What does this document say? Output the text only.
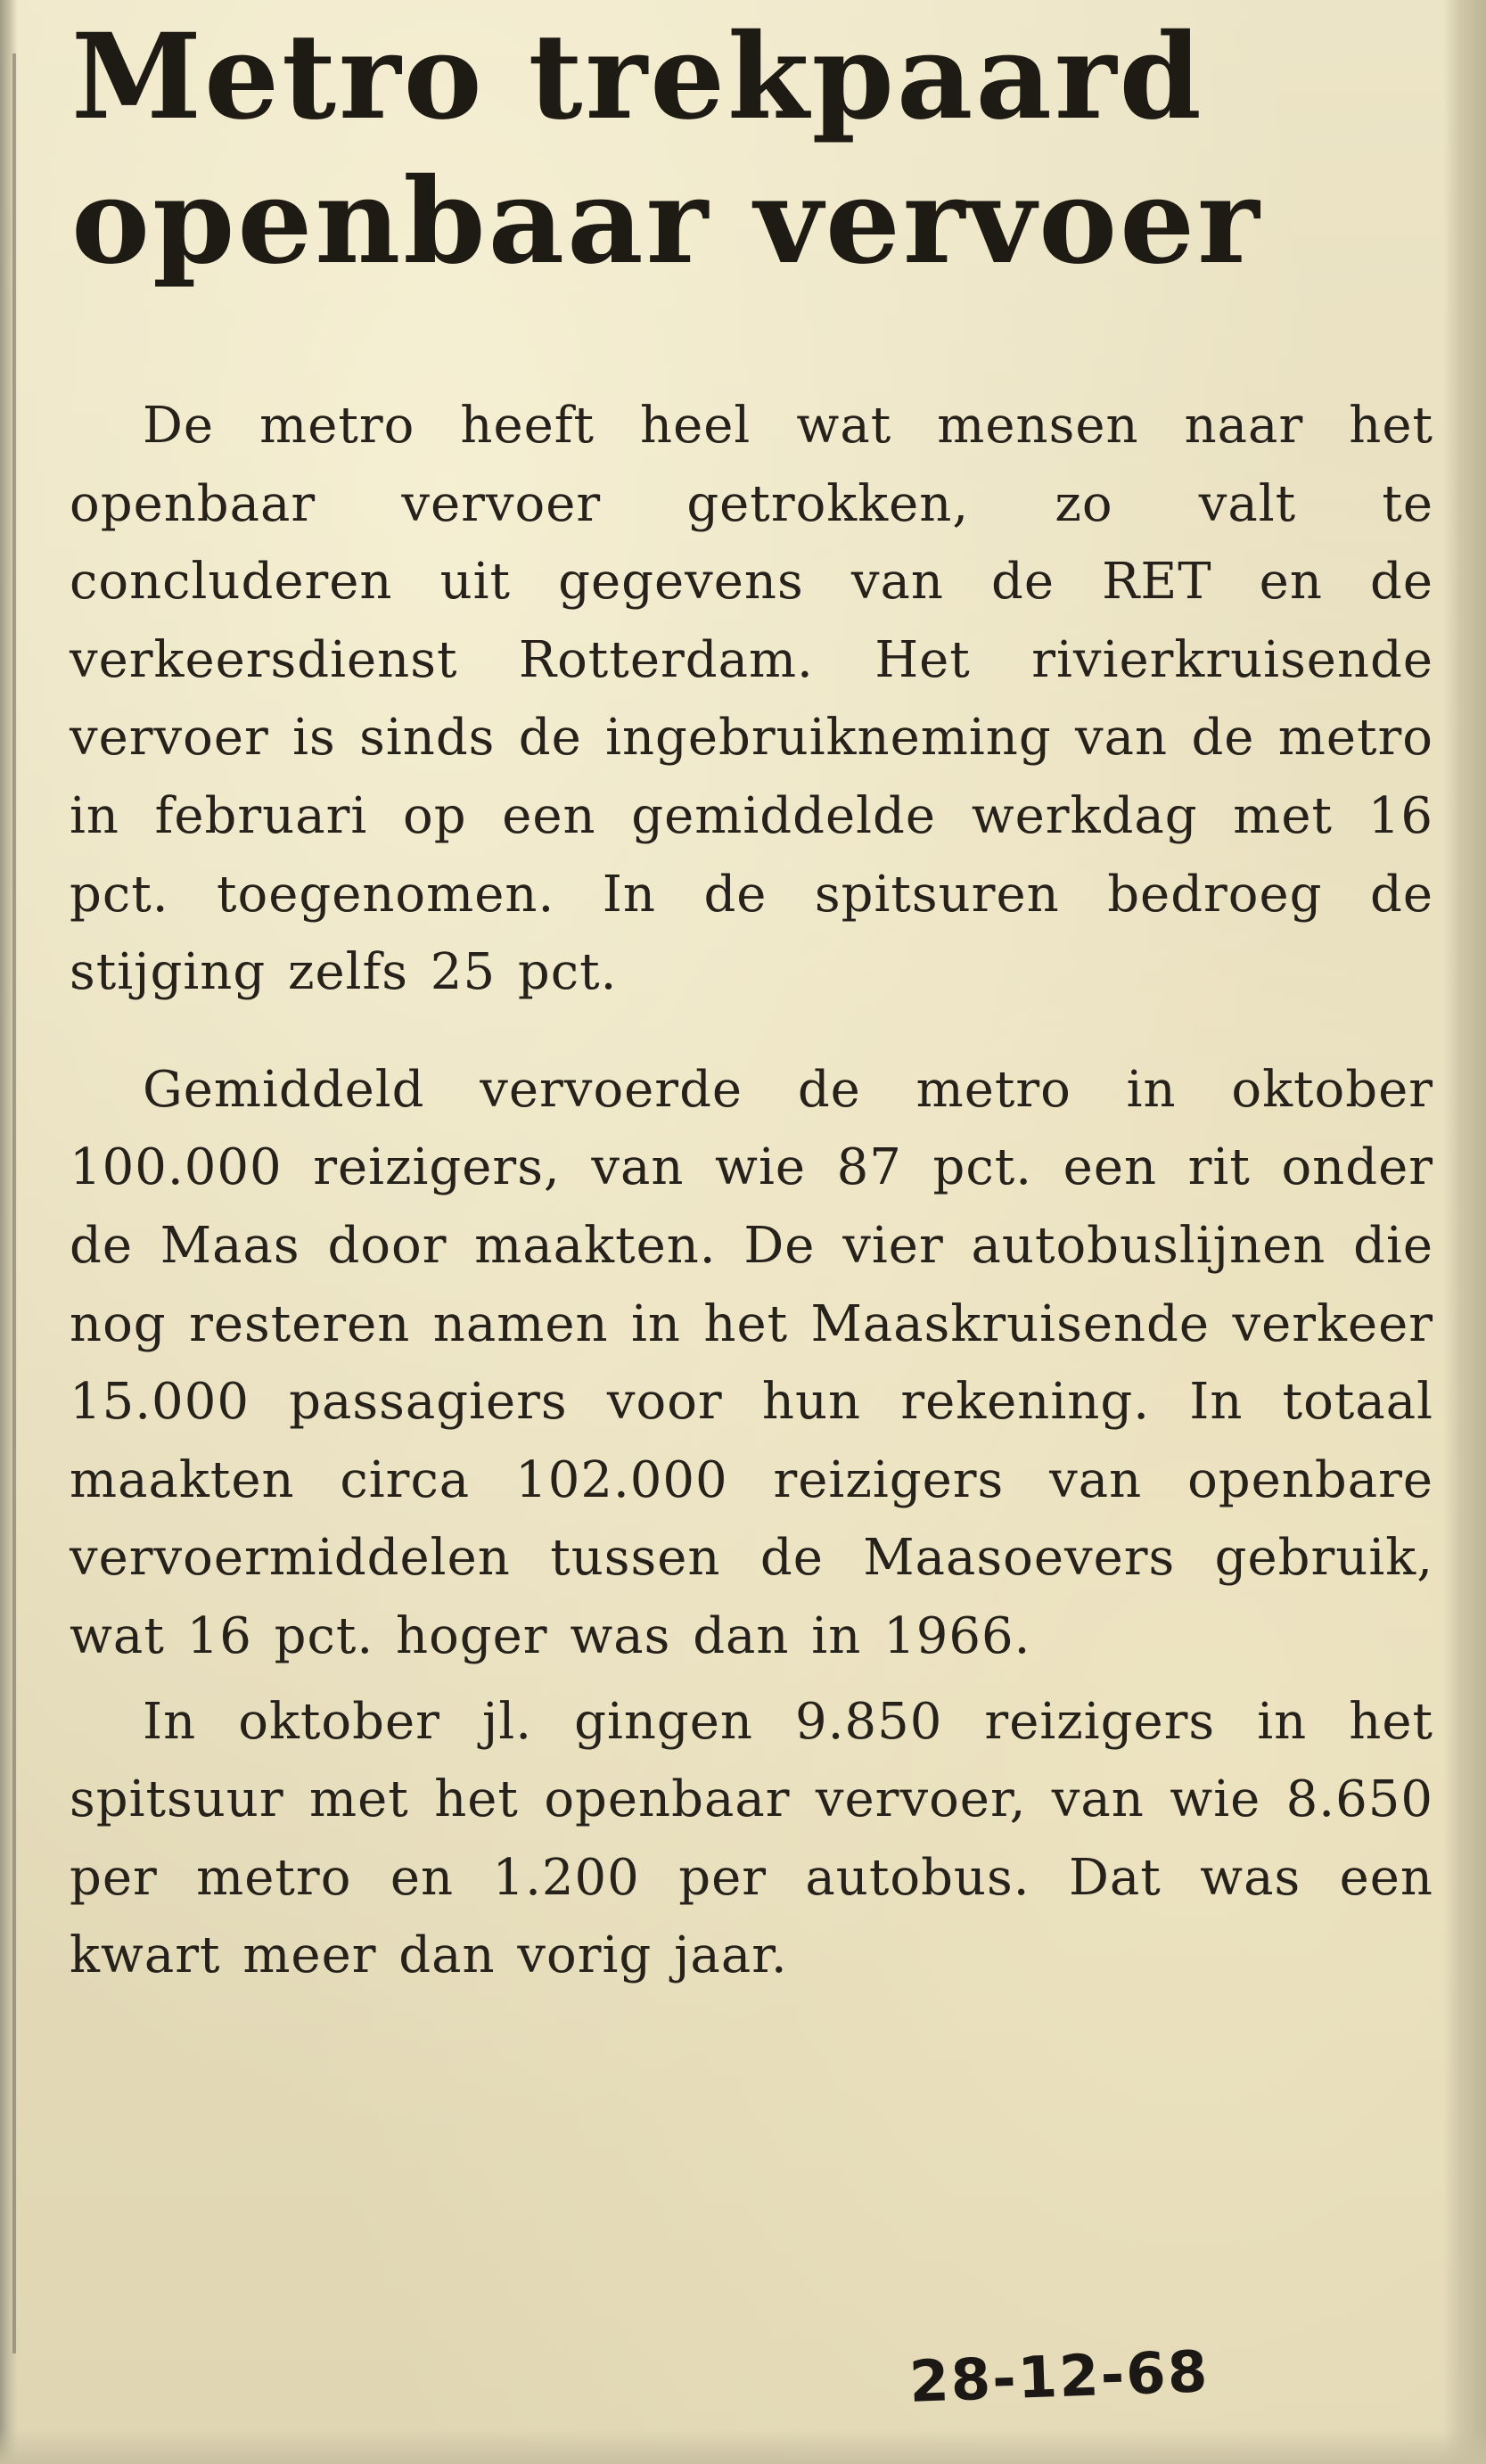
Metro trekpaard
openbaar vervoer

De metro heeft heel wat mensen naar het openbaar vervoer getrokken, zo valt te concluderen uit gegevens van de RET en de verkeersdienst Rotterdam. Het rivierkruisende vervoer is sinds de ingebruikneming van de metro in februari op een gemiddelde werkdag met 16 pct. toegenomen. In de spitsuren bedroeg de stijging zelfs 25 pct.

Gemiddeld vervoerde de metro in oktober 100.000 reizigers, van wie 87 pct. een rit onder de Maas door maakten. De vier autobuslijnen die nog resteren namen in het Maaskruisende verkeer 15.000 passagiers voor hun rekening. In totaal maakten circa 102.000 reizigers van openbare vervoermiddelen tussen de Maasoevers gebruik, wat 16 pct. hoger was dan in 1966.

In oktober jl. gingen 9.850 reizigers in het spitsuur met het openbaar vervoer, van wie 8.650 per metro en 1.200 per autobus. Dat was een kwart meer dan vorig jaar.

28-12-68
